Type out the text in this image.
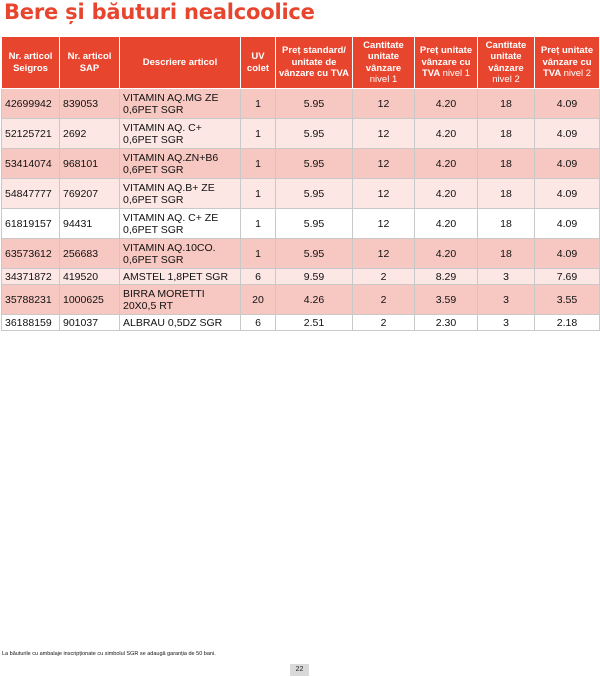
Bere și băuturi nealcoolice
Nr. articol Seigros	Nr. articol SAP	Descriere articol	UV colet	Preț standard/ unitate de vânzare cu TVA	Cantitate unitate vânzare nivel 1	Preț unitate vânzare cu TVA nivel 1	Cantitate unitate vânzare nivel 2	Preț unitate vânzare cu TVA nivel 2
42699942	839053	VITAMIN AQ.MG ZE 0,6PET SGR	1	5.95	12	4.20	18	4.09
52125721	2692	VITAMIN AQ. C+ 0,6PET SGR	1	5.95	12	4.20	18	4.09
53414074	968101	VITAMIN AQ.ZN+B6 0,6PET SGR	1	5.95	12	4.20	18	4.09
54847777	769207	VITAMIN AQ.B+ ZE 0,6PET SGR	1	5.95	12	4.20	18	4.09
61819157	94431	VITAMIN AQ. C+ ZE 0,6PET SGR	1	5.95	12	4.20	18	4.09
63573612	256683	VITAMIN AQ.10CO. 0,6PET SGR	1	5.95	12	4.20	18	4.09
34371872	419520	AMSTEL 1,8PET SGR	6	9.59	2	8.29	3	7.69
35788231	1000625	BIRRA MORETTI 20X0,5 RT	20	4.26	2	3.59	3	3.55
36188159	901037	ALBRAU 0,5DZ SGR	6	2.51	2	2.30	3	2.18
La băuturile cu ambalaje inscripționate cu simbolul SGR se adaugă garanția de 50 bani.
22
